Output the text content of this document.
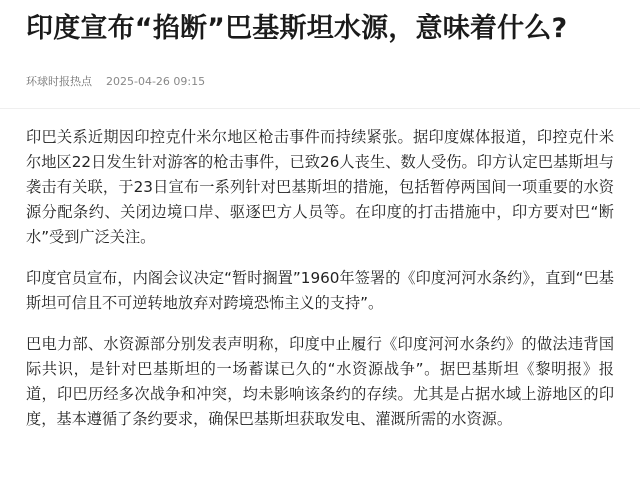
印度宣布“掐断”巴基斯坦水源，意味着什么?
环球时报热点 2025-04-26 09:15

印巴关系近期因印控克什米尔地区枪击事件而持续紧张。据印度媒体报道，印控克什米尔地区22日发生针对游客的枪击事件，已致26人丧生、数人受伤。印方认定巴基斯坦与袭击有关联，于23日宣布一系列针对巴基斯坦的措施，包括暂停两国间一项重要的水资源分配条约、关闭边境口岸、驱逐巴方人员等。在印度的打击措施中，印方要对巴“断水”受到广泛关注。

印度官员宣布，内阁会议决定“暂时搁置”1960年签署的《印度河河水条约》，直到“巴基斯坦可信且不可逆转地放弃对跨境恐怖主义的支持”。

巴电力部、水资源部分别发表声明称，印度中止履行《印度河河水条约》的做法违背国际共识，是针对巴基斯坦的一场蓄谋已久的“水资源战争”。据巴基斯坦《黎明报》报道，印巴历经多次战争和冲突，均未影响该条约的存续。尤其是占据水域上游地区的印度，基本遵循了条约要求，确保巴基斯坦获取发电、灌溉所需的水资源。
